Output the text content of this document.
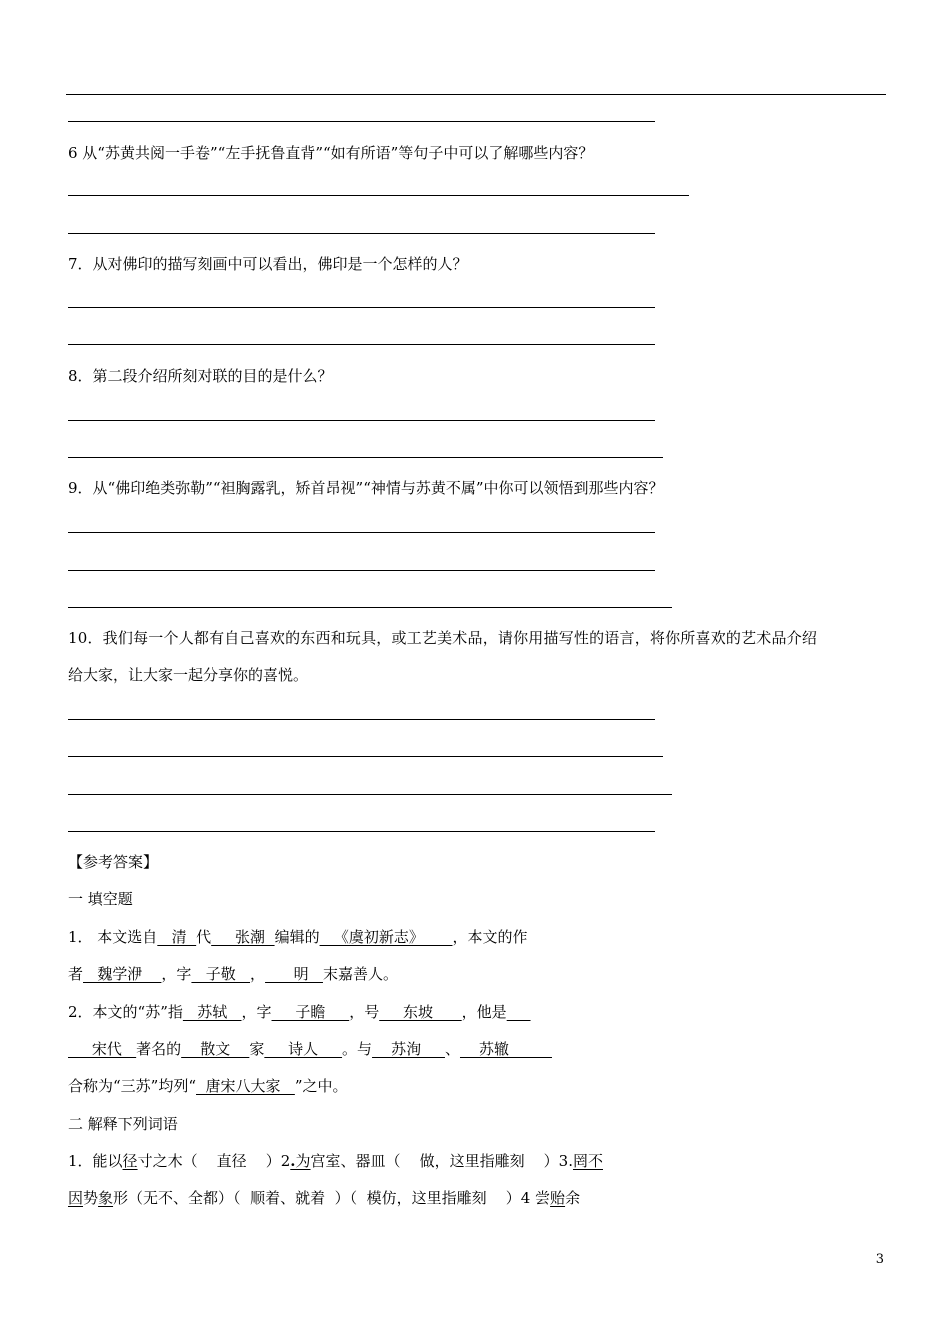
6 从“苏黄共阅一手卷”“左手抚鲁直背”“如有所语”等句子中可以了解哪些内容？
7．从对佛印的描写刻画中可以看出，佛印是一个怎样的人？
8．第二段介绍所刻对联的目的是什么？
9．从“佛印绝类弥勒”“袒胸露乳，矫首昂视”“神情与苏黄不属”中你可以领悟到那些内容？
10．我们每一个人都有自己喜欢的东西和玩具，或工艺美术品，请你用描写性的语言，将你所喜欢的艺术品介绍
给大家，让大家一起分享你的喜悦。
【参考答案】
一 填空题
1． 本文选自   清  代     张潮  编辑的   《虞初新志》      ，本文的作
者   魏学洢    ，字   子敬   ，      明   末嘉善人。
2．本文的“苏”指   苏轼   ，字     子瞻     ，号     东坡      ，他是
宋代   著名的    散文    家     诗人     。与    苏洵     、    苏辙
合称为“三苏”均列“  唐宋八大家   ”之中。
二 解释下列词语
1．能以径寸之木（    直径    ）2.为宫室、器皿（    做，这里指雕刻    ）3.罔不
因势象形（无不、全都）（  顺着、就着  ）（  模仿，这里指雕刻    ）4 尝贻余
3
